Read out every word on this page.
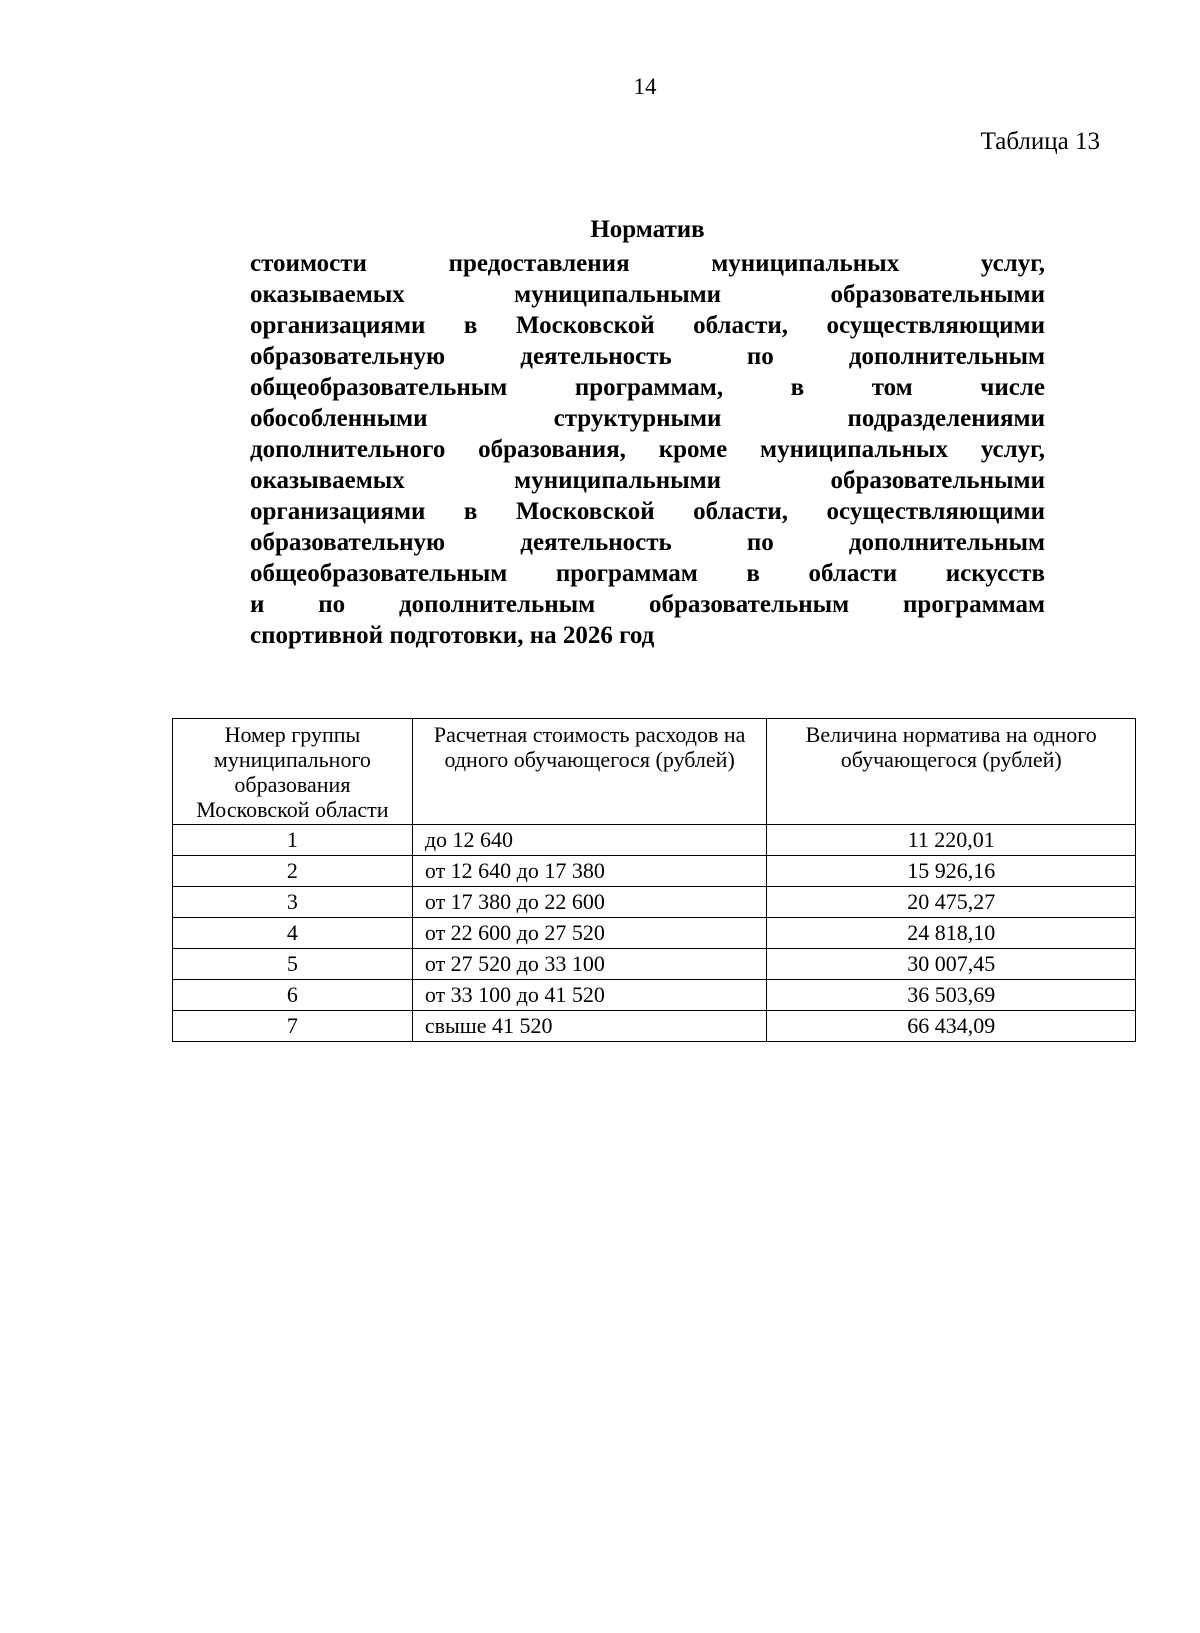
14
Таблица 13
Норматив
стоимости	предоставления	муниципальных	услуг,
оказываемых	муниципальными	образовательными
организациями в Московской области, осуществляющими
образовательную	деятельность	по	дополнительным
общеобразовательным	программам,	в	том	числе
обособленными	структурными	подразделениями
дополнительного образования, кроме муниципальных услуг,
оказываемых	муниципальными	образовательными
организациями в Московской области, осуществляющими
образовательную	деятельность	по	дополнительным
общеобразовательным программам в области искусств
и по дополнительным образовательным программам
спортивной подготовки, на 2026 год
Номер группы муниципального образования Московской области	Расчетная стоимость расходов на одного обучающегося (рублей)	Величина норматива на одного обучающегося (рублей)
1	до 12 640	11 220,01
2	от 12 640 до 17 380	15 926,16
3	от 17 380 до 22 600	20 475,27
4	от 22 600 до 27 520	24 818,10
5	от 27 520 до 33 100	30 007,45
6	от 33 100 до 41 520	36 503,69
7	свыше 41 520	66 434,09
